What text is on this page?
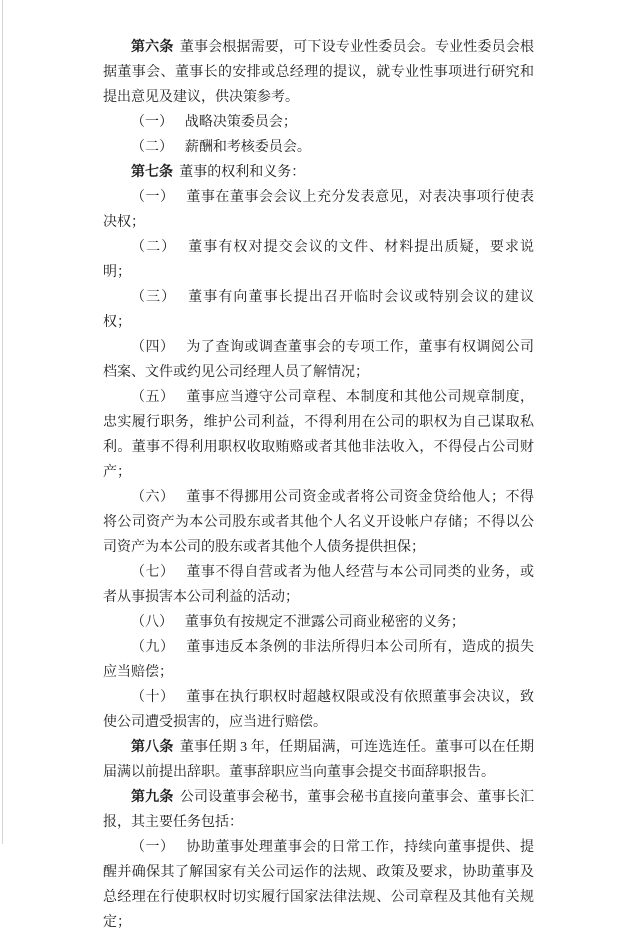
第六条 董事会根据需要，可下设专业性委员会。专业性委员会根据董事会、董事长的安排或总经理的提议，就专业性事项进行研究和提出意见及建议，供决策参考。

（一） 战略决策委员会；

（二） 薪酬和考核委员会。

第七条 董事的权利和义务：

（一） 董事在董事会会议上充分发表意见，对表决事项行使表决权；

（二） 董事有权对提交会议的文件、材料提出质疑，要求说明；

（三） 董事有向董事长提出召开临时会议或特别会议的建议权；

（四） 为了查询或调查董事会的专项工作，董事有权调阅公司档案、文件或约见公司经理人员了解情况；

（五） 董事应当遵守公司章程、本制度和其他公司规章制度，忠实履行职务，维护公司利益，不得利用在公司的职权为自己谋取私利。董事不得利用职权收取贿赂或者其他非法收入，不得侵占公司财产；

（六） 董事不得挪用公司资金或者将公司资金贷给他人；不得将公司资产为本公司股东或者其他个人名义开设帐户存储；不得以公司资产为本公司的股东或者其他个人债务提供担保；

（七） 董事不得自营或者为他人经营与本公司同类的业务，或者从事损害本公司利益的活动；

（八） 董事负有按规定不泄露公司商业秘密的义务；

（九） 董事违反本条例的非法所得归本公司所有，造成的损失应当赔偿；

（十） 董事在执行职权时超越权限或没有依照董事会决议，致使公司遭受损害的，应当进行赔偿。

第八条 董事任期 3 年，任期届满，可连选连任。董事可以在任期届满以前提出辞职。董事辞职应当向董事会提交书面辞职报告。

第九条 公司设董事会秘书，董事会秘书直接向董事会、董事长汇报，其主要任务包括：

（一） 协助董事处理董事会的日常工作，持续向董事提供、提醒并确保其了解国家有关公司运作的法规、政策及要求，协助董事及总经理在行使职权时切实履行国家法律法规、公司章程及其他有关规定；
